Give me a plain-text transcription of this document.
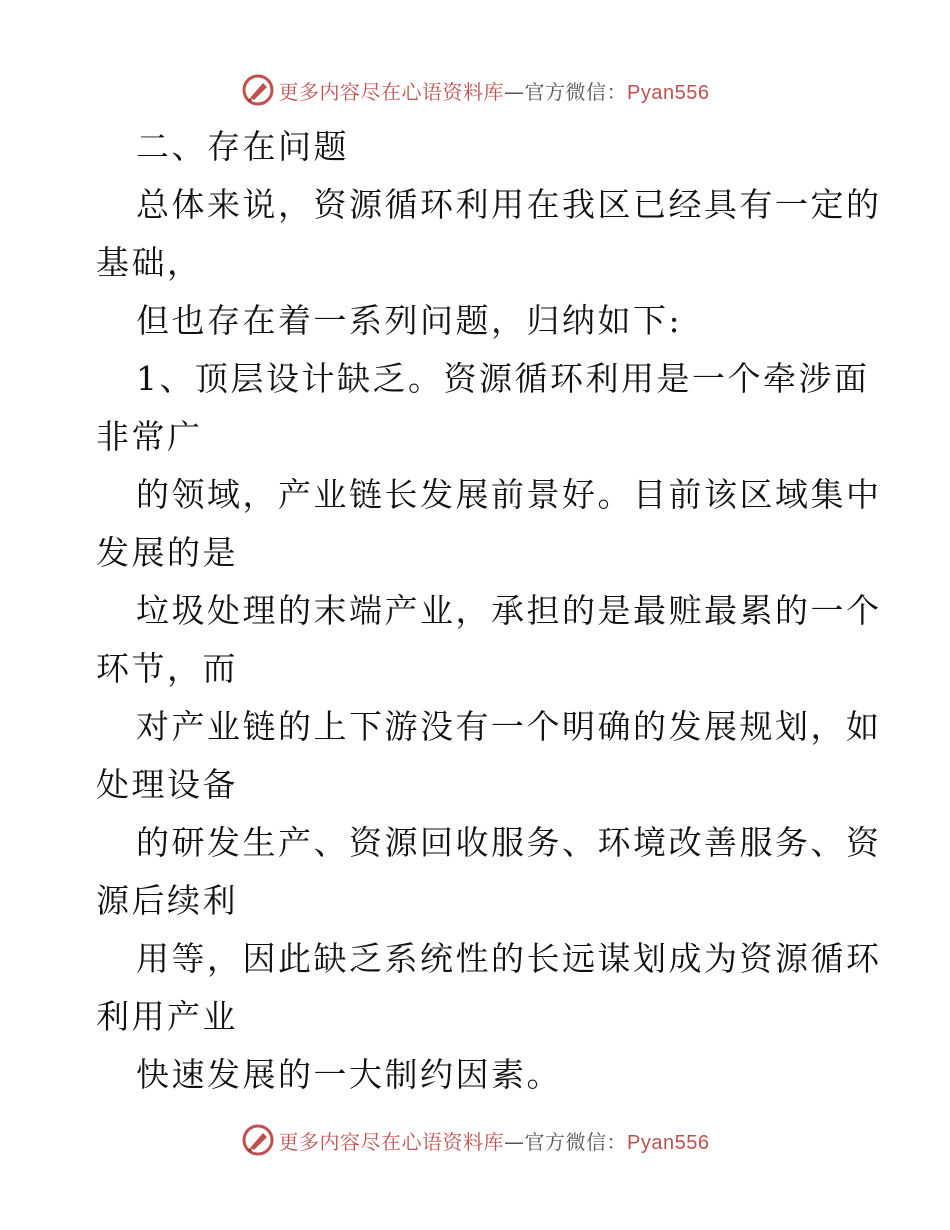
更多内容尽在心语资料库—官方微信：Pyan556
二、存在问题
总体来说，资源循环利用在我区已经具有一定的
基础，
但也存在着一系列问题，归纳如下:
1、顶层设计缺乏。资源循环利用是一个牵涉面
非常广
的领域，产业链长发展前景好。目前该区域集中
发展的是
垃圾处理的末端产业，承担的是最赃最累的一个
环节，而
对产业链的上下游没有一个明确的发展规划，如
处理设备
的研发生产、资源回收服务、环境改善服务、资
源后续利
用等，因此缺乏系统性的长远谋划成为资源循环
利用产业
快速发展的一大制约因素。
更多内容尽在心语资料库—官方微信：Pyan556
